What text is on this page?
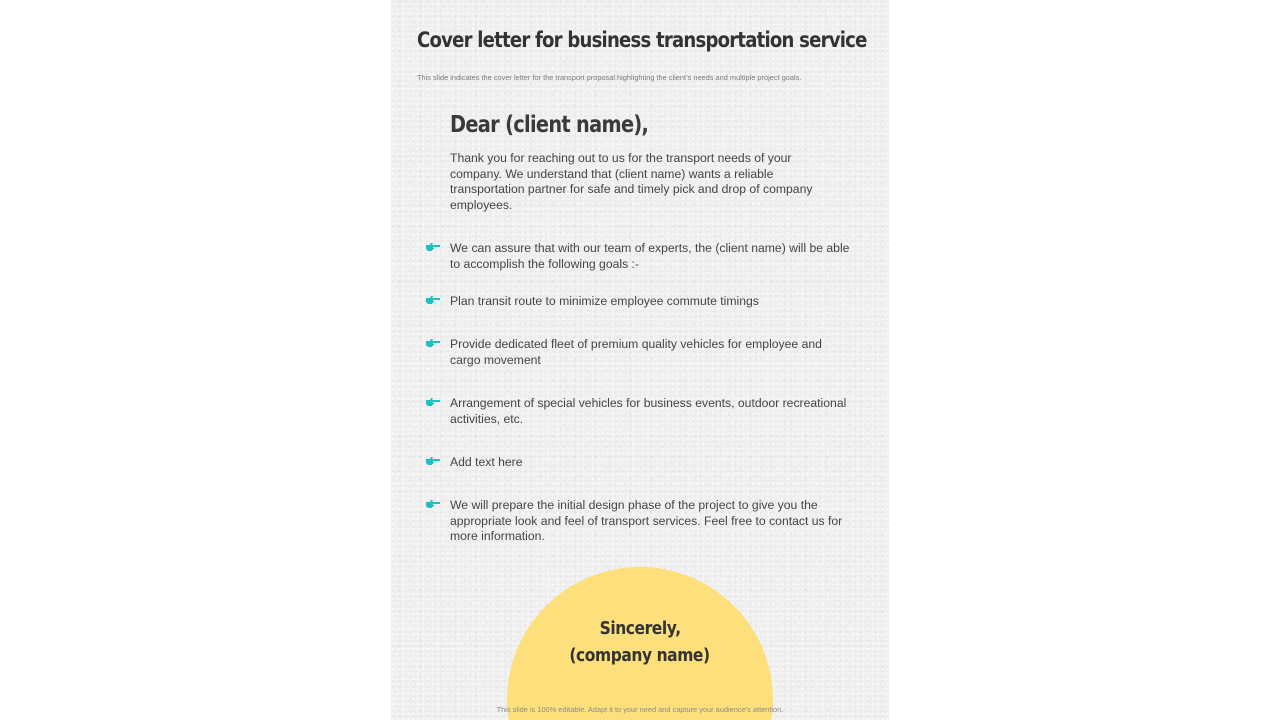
Cover letter for business transportation service
This slide indicates the cover letter for the transport proposal highlighting the client’s needs and multiple project goals.
Dear (client name),
Thank you for reaching out to us for the transport needs of your company. We understand that (client name) wants a reliable transportation partner for safe and timely pick and drop of company employees.
We can assure that with our team of experts, the (client name) will be able to accomplish the following goals :-
Plan transit route to minimize employee commute timings
Provide dedicated fleet of premium quality vehicles for employee and cargo movement
Arrangement of special vehicles for business events, outdoor recreational activities, etc.
Add text here
We will prepare the initial design phase of the project to give you the appropriate look and feel of transport services. Feel free to contact us for more information.
Sincerely,
(company name)
This slide is 100% editable. Adapt it to your need and capture your audience’s attention.
